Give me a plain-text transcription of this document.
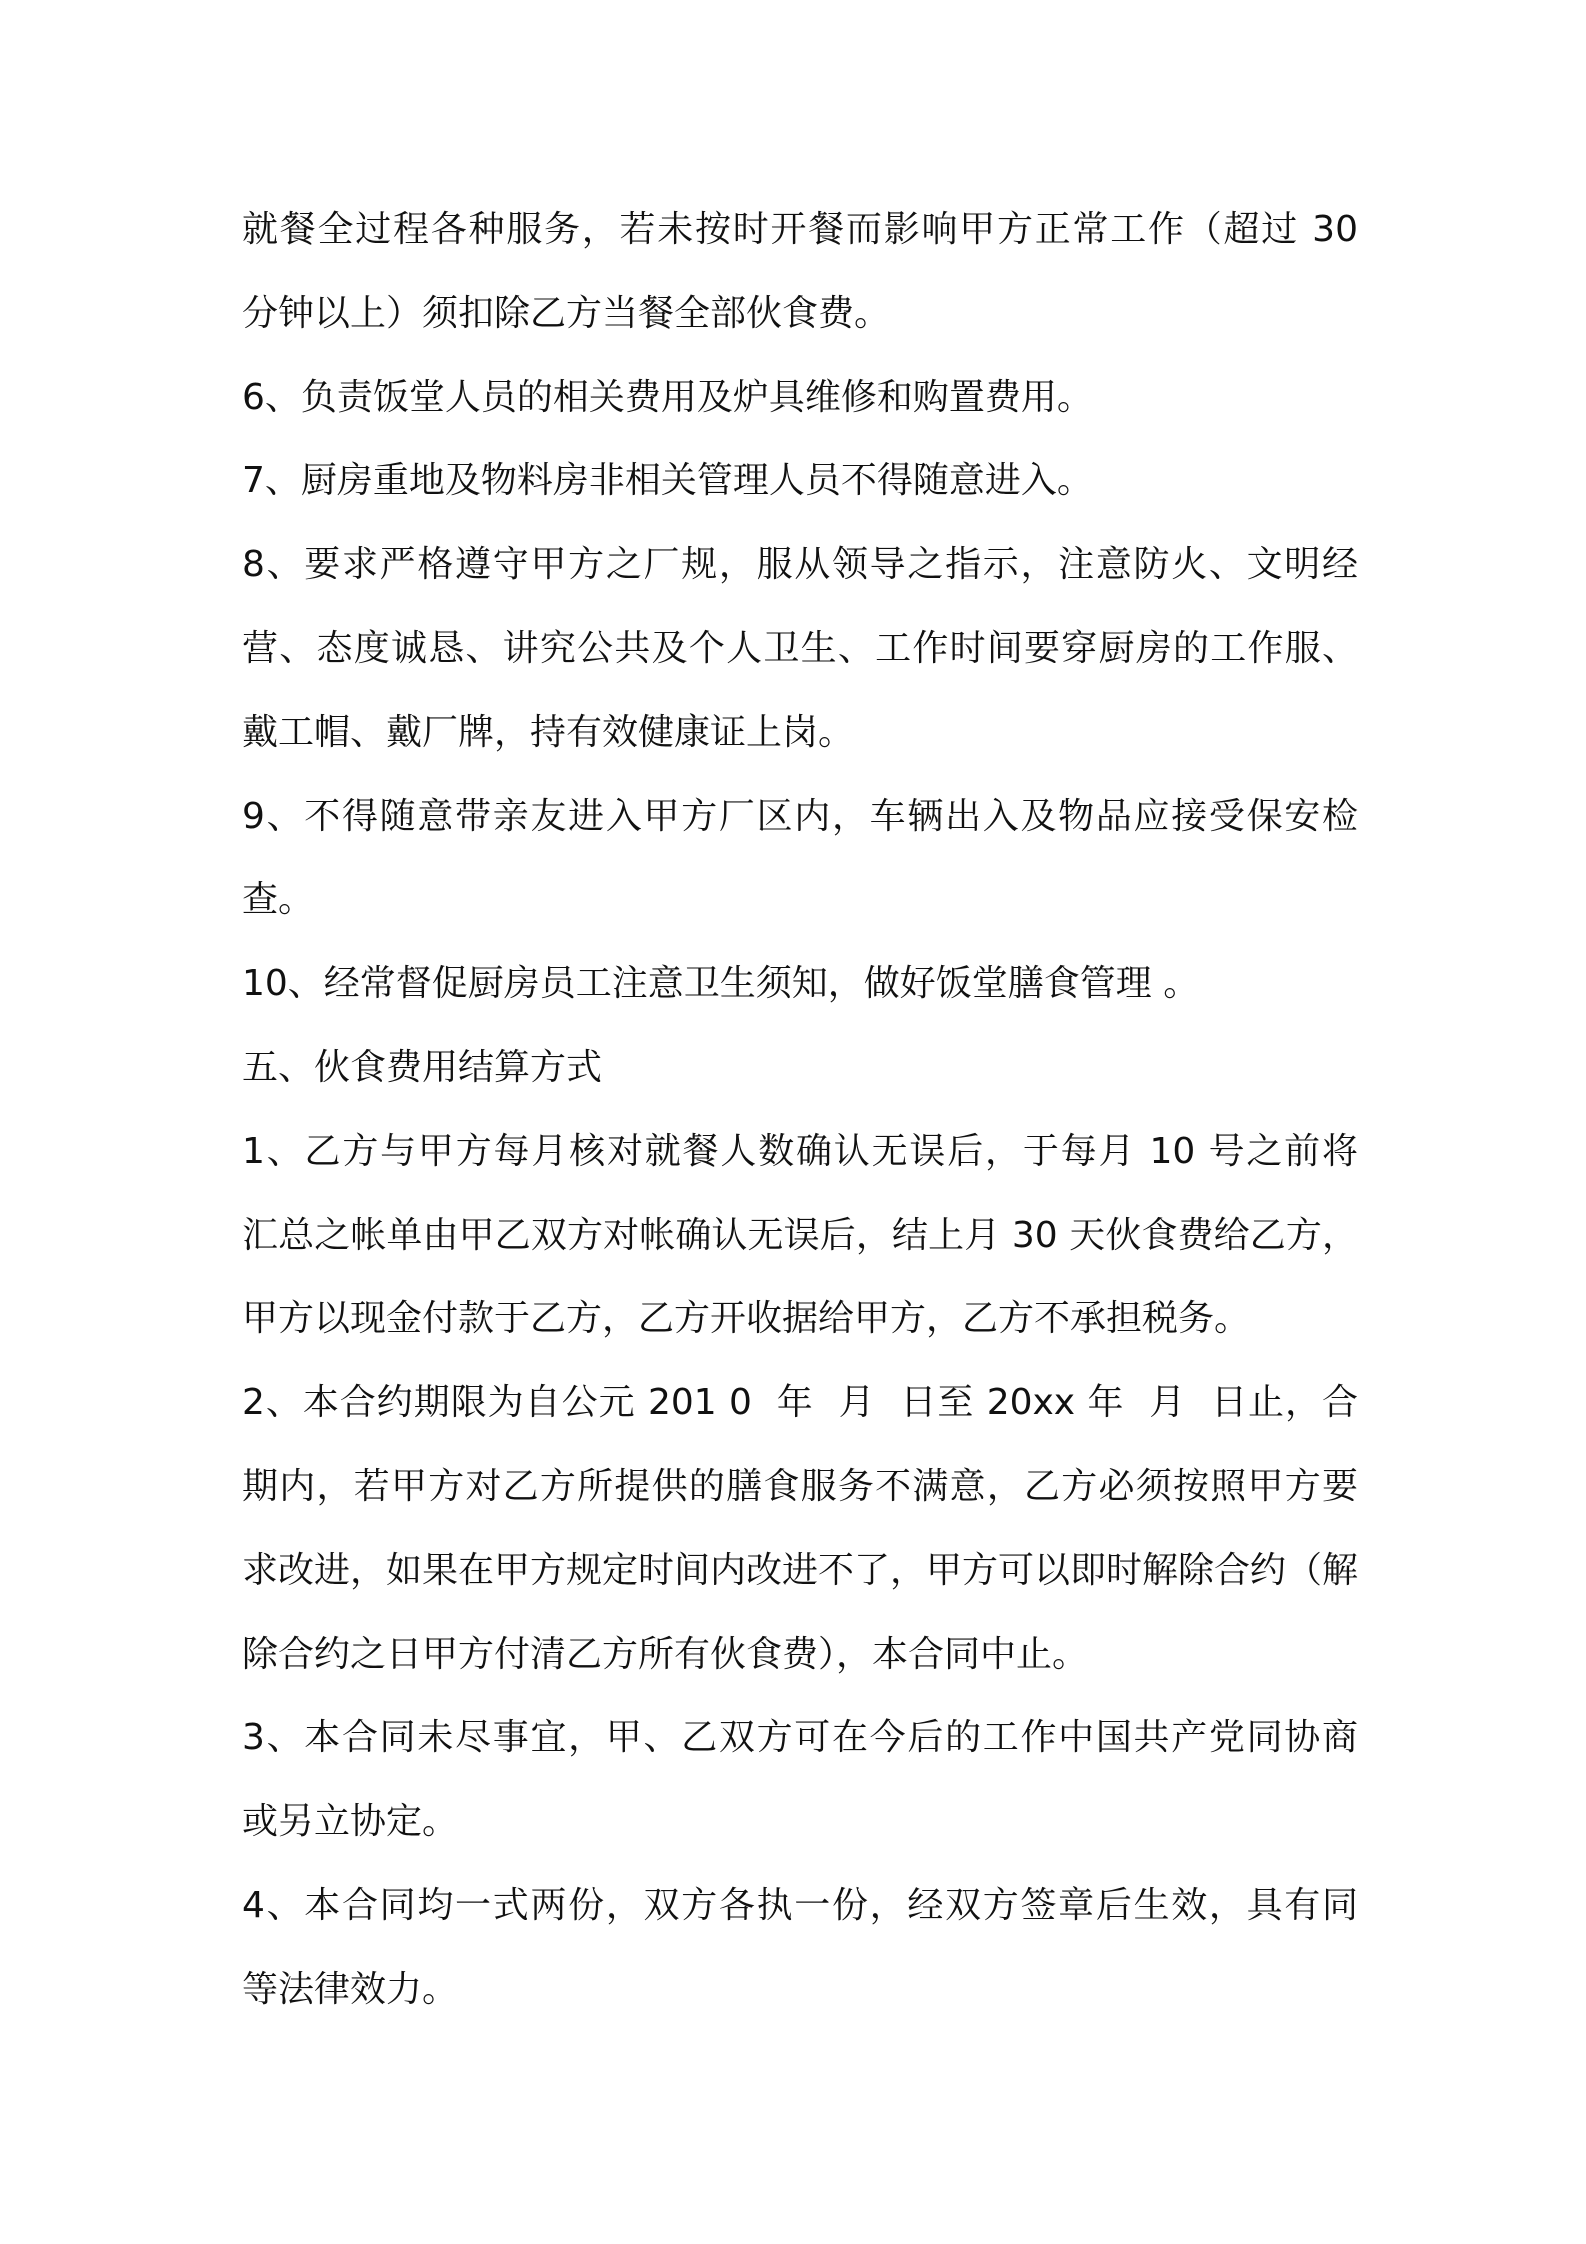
就餐全过程各种服务，若未按时开餐而影响甲方正常工作（超过 30
分钟以上）须扣除乙方当餐全部伙食费。
6、负责饭堂人员的相关费用及炉具维修和购置费用。
7、厨房重地及物料房非相关管理人员不得随意进入。
8、要求严格遵守甲方之厂规，服从领导之指示，注意防火、文明经
营、态度诚恳、讲究公共及个人卫生、工作时间要穿厨房的工作服、
戴工帽、戴厂牌，持有效健康证上岗。
9、不得随意带亲友进入甲方厂区内，车辆出入及物品应接受保安检
查。
10、经常督促厨房员工注意卫生须知，做好饭堂膳食管理 。
五、伙食费用结算方式
1、乙方与甲方每月核对就餐人数确认无误后，于每月 10 号之前将
汇总之帐单由甲乙双方对帐确认无误后，结上月 30 天伙食费给乙方，
甲方以现金付款于乙方，乙方开收据给甲方，乙方不承担税务。
2、本合约期限为自公元 201 0  年  月  日至 20xx 年  月  日止，合
期内，若甲方对乙方所提供的膳食服务不满意，乙方必须按照甲方要
求改进，如果在甲方规定时间内改进不了，甲方可以即时解除合约（解
除合约之日甲方付清乙方所有伙食费），本合同中止。
3、本合同未尽事宜，甲、乙双方可在今后的工作中国共产党同协商
或另立协定。
4、本合同均一式两份，双方各执一份，经双方签章后生效，具有同
等法律效力。
